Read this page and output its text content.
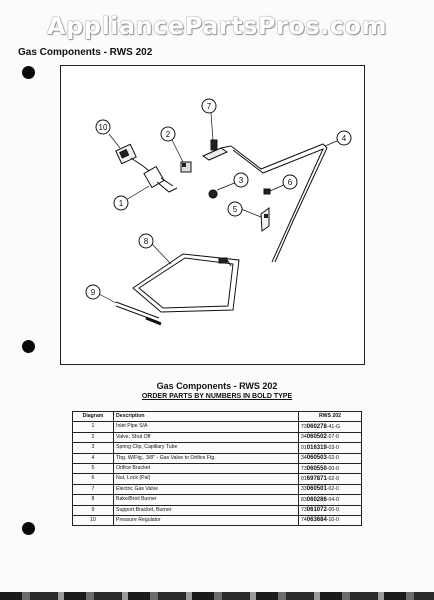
AppliancePartsPros.com
Gas Components - RWS 202
10
2
7
4
1
3	6
5
8
9
Gas Components - RWS 202
ORDER PARTS BY NUMBERS IN BOLD TYPE
Diagram	Description	RWS 202
1	Inlet Pipe S/A	73060278-41-G
2	Valve, Shut Off	34060502-07-0
3	Spring Clip, Capillary Tube	01016319-03-0
4	Tbg. W/Ftg., 3/8" - Gas Valve to Orifice Ftg.	34060503-02-0
5	Orifice Bracket	73060550-00-0
6	Nut, Lock (Pal)	01697871-02-0
7	Electric Gas Valve	33060501-02-0
8	Bake/Broil Burner	83060286-04-0
9	Support Bracket, Burner	73061072-00-0
10	Pressure Regulator	74063684-10-0
